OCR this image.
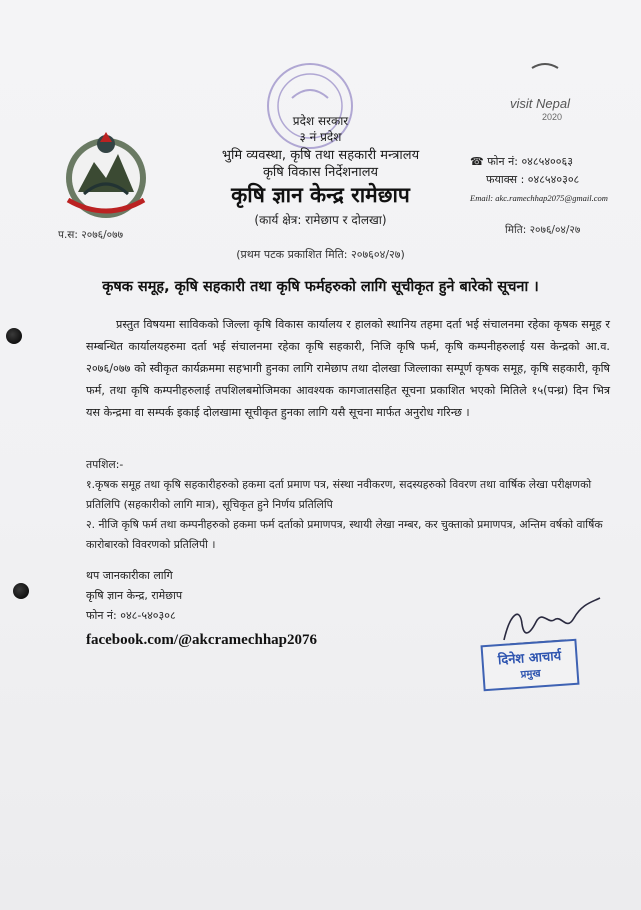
visit Nepal
2020
प्रदेश सरकार
३ नं प्रदेश
भुमि व्यवस्था, कृषि तथा सहकारी मन्त्रालय
कृषि विकास निर्देशनालय
कृषि ज्ञान केन्द्र रामेछाप
(कार्य क्षेत्र: रामेछाप र दोलखा)
☎ फोन नं: ०४८५४००६३
फयाक्स : ०४८५४०३०८
Email: akc.ramechhap2075@gmail.com
प.स: २०७६/०७७	मिति: २०७६/०४/२७
(प्रथम पटक प्रकाशित मिति: २०७६०४/२७)
कृषक समूह, कृषि सहकारी तथा कृषि फर्महरुको लागि सूचीकृत हुने बारेको सूचना ।
प्रस्तुत विषयमा साविकको जिल्ला कृषि विकास कार्यालय र हालको स्थानिय तहमा दर्ता भई संचालनमा रहेका कृषक समूह र सम्बन्धित कार्यालयहरुमा दर्ता भई संचालनमा रहेका कृषि सहकारी, निजि कृषि फर्म, कृषि कम्पनीहरुलाई यस केन्द्रको आ.व. २०७६/०७७ को स्वीकृत कार्यक्रममा सहभागी हुनका लागि रामेछाप तथा दोलखा जिल्लाका सम्पूर्ण कृषक समूह, कृषि सहकारी, कृषि फर्म, तथा कृषि कम्पनीहरुलाई तपशिलबमोजिमका आवश्यक कागजातसहित सूचना प्रकाशित भएको मितिले १५(पन्ध्र) दिन भित्र यस केन्द्रमा वा सम्पर्क इकाई दोलखामा सूचीकृत हुनका लागि यसै सूचना मार्फत अनुरोध गरिन्छ ।

तपशिल:-

१.कृषक समूह तथा कृषि सहकारीहरुको हकमा दर्ता प्रमाण पत्र, संस्था नवीकरण, सदस्यहरुको विवरण तथा वार्षिक लेखा परीक्षणको प्रतिलिपि (सहकारीको लागि मात्र), सूचिकृत हुने निर्णय प्रतिलिपि

२. नीजि कृषि फर्म तथा कम्पनीहरुको हकमा फर्म दर्ताको प्रमाणपत्र, स्थायी लेखा नम्बर, कर चुक्ताको प्रमाणपत्र, अन्तिम वर्षको वार्षिक कारोबारको विवरणको प्रतिलिपी ।

थप जानकारीका लागि
कृषि ज्ञान केन्द्र, रामेछाप
फोन नं: ०४८-५४०३०८
facebook.com/@akcramechhap2076
दिनेश आचार्य
प्रमुख
